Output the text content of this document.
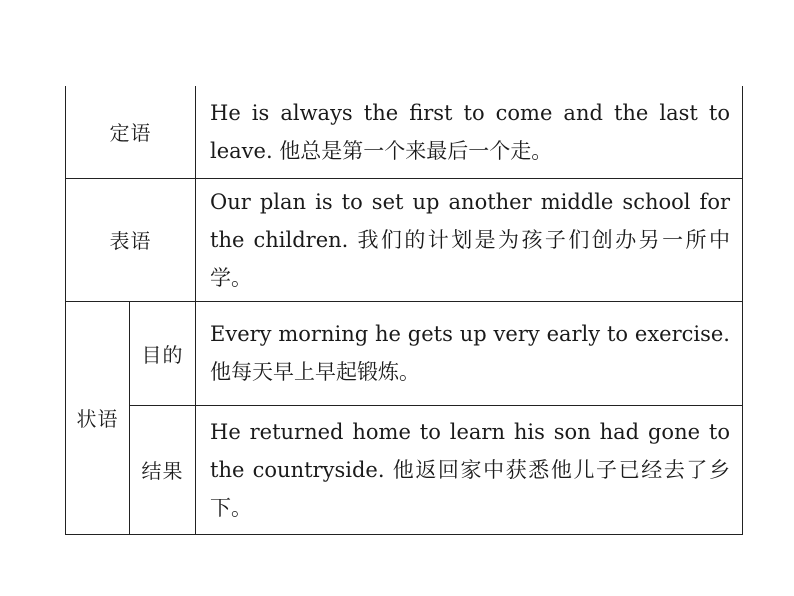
定语		He is always the first to come and the last to leave. 他总是第一个来最后一个走。

表语		Our plan is to set up another middle school for the children. 我们的计划是为孩子们创办另一所中学。

状语	目的	Every morning he gets up very early to exercise. 他每天早上早起锻炼。

	结果	He returned home to learn his son had gone to the countryside. 他返回家中获悉他儿子已经去了乡下。
